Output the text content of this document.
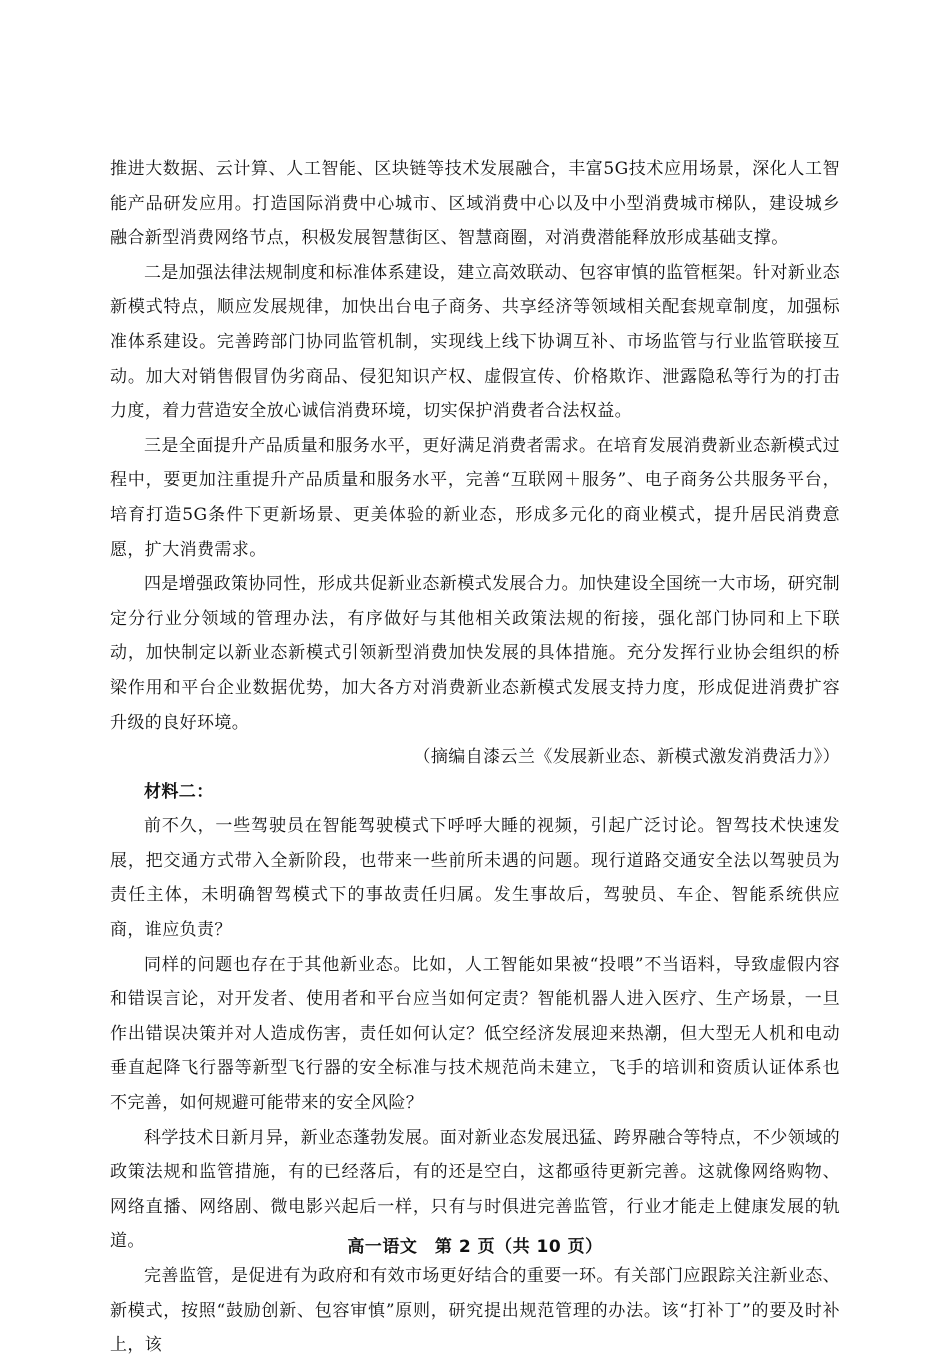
推进大数据、云计算、人工智能、区块链等技术发展融合，丰富5G技术应用场景，深化人工智能产品研发应用。打造国际消费中心城市、区域消费中心以及中小型消费城市梯队，建设城乡融合新型消费网络节点，积极发展智慧街区、智慧商圈，对消费潜能释放形成基础支撑。

二是加强法律法规制度和标准体系建设，建立高效联动、包容审慎的监管框架。针对新业态新模式特点，顺应发展规律，加快出台电子商务、共享经济等领域相关配套规章制度，加强标准体系建设。完善跨部门协同监管机制，实现线上线下协调互补、市场监管与行业监管联接互动。加大对销售假冒伪劣商品、侵犯知识产权、虚假宣传、价格欺诈、泄露隐私等行为的打击力度，着力营造安全放心诚信消费环境，切实保护消费者合法权益。

三是全面提升产品质量和服务水平，更好满足消费者需求。在培育发展消费新业态新模式过程中，要更加注重提升产品质量和服务水平，完善“互联网＋服务”、电子商务公共服务平台，培育打造5G条件下更新场景、更美体验的新业态，形成多元化的商业模式，提升居民消费意愿，扩大消费需求。

四是增强政策协同性，形成共促新业态新模式发展合力。加快建设全国统一大市场，研究制定分行业分领域的管理办法，有序做好与其他相关政策法规的衔接，强化部门协同和上下联动，加快制定以新业态新模式引领新型消费加快发展的具体措施。充分发挥行业协会组织的桥梁作用和平台企业数据优势，加大各方对消费新业态新模式发展支持力度，形成促进消费扩容升级的良好环境。

（摘编自漆云兰《发展新业态、新模式激发消费活力》）

材料二：

前不久，一些驾驶员在智能驾驶模式下呼呼大睡的视频，引起广泛讨论。智驾技术快速发展，把交通方式带入全新阶段，也带来一些前所未遇的问题。现行道路交通安全法以驾驶员为责任主体，未明确智驾模式下的事故责任归属。发生事故后，驾驶员、车企、智能系统供应商，谁应负责？

同样的问题也存在于其他新业态。比如，人工智能如果被“投喂”不当语料，导致虚假内容和错误言论，对开发者、使用者和平台应当如何定责？智能机器人进入医疗、生产场景，一旦作出错误决策并对人造成伤害，责任如何认定？低空经济发展迎来热潮，但大型无人机和电动垂直起降飞行器等新型飞行器的安全标准与技术规范尚未建立，飞手的培训和资质认证体系也不完善，如何规避可能带来的安全风险？

科学技术日新月异，新业态蓬勃发展。面对新业态发展迅猛、跨界融合等特点，不少领域的政策法规和监管措施，有的已经落后，有的还是空白，这都亟待更新完善。这就像网络购物、网络直播、网络剧、微电影兴起后一样，只有与时俱进完善监管，行业才能走上健康发展的轨道。

完善监管，是促进有为政府和有效市场更好结合的重要一环。有关部门应跟踪关注新业态、新模式，按照“鼓励创新、包容审慎”原则，研究提出规范管理的办法。该“打补丁”的要及时补上，该

高一语文　第 2 页（共 10 页）
